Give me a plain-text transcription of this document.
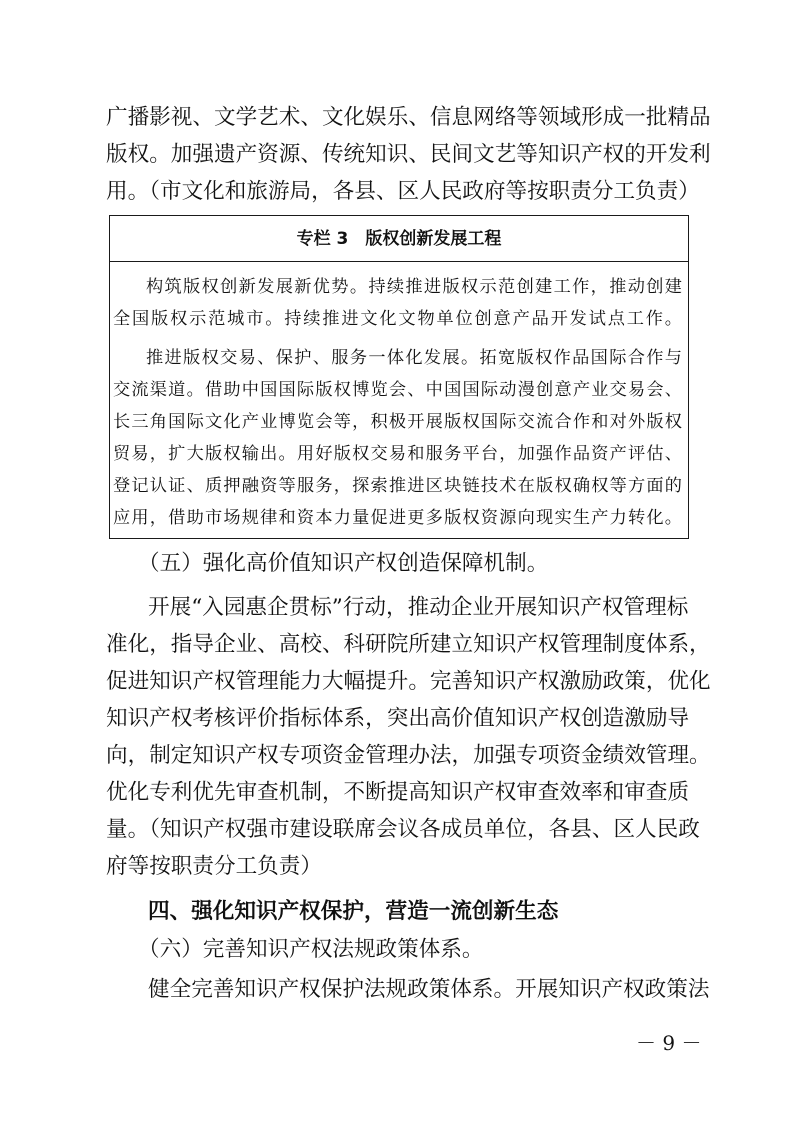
广播影视、文学艺术、文化娱乐、信息网络等领域形成一批精品
版权。加强遗产资源、传统知识、民间文艺等知识产权的开发利
用。（市文化和旅游局，各县、区人民政府等按职责分工负责）
专栏 3　版权创新发展工程
构筑版权创新发展新优势。持续推进版权示范创建工作，推动创建
全国版权示范城市。持续推进文化文物单位创意产品开发试点工作。
推进版权交易、保护、服务一体化发展。拓宽版权作品国际合作与
交流渠道。借助中国国际版权博览会、中国国际动漫创意产业交易会、
长三角国际文化产业博览会等，积极开展版权国际交流合作和对外版权
贸易，扩大版权输出。用好版权交易和服务平台，加强作品资产评估、
登记认证、质押融资等服务，探索推进区块链技术在版权确权等方面的
应用，借助市场规律和资本力量促进更多版权资源向现实生产力转化。
（五）强化高价值知识产权创造保障机制。
开展“入园惠企贯标”行动，推动企业开展知识产权管理标
准化，指导企业、高校、科研院所建立知识产权管理制度体系，
促进知识产权管理能力大幅提升。完善知识产权激励政策，优化
知识产权考核评价指标体系，突出高价值知识产权创造激励导
向，制定知识产权专项资金管理办法，加强专项资金绩效管理。
优化专利优先审查机制，不断提高知识产权审查效率和审查质
量。（知识产权强市建设联席会议各成员单位，各县、区人民政
府等按职责分工负责）
四、强化知识产权保护，营造一流创新生态
（六）完善知识产权法规政策体系。
健全完善知识产权保护法规政策体系。开展知识产权政策法
－ 9 －
